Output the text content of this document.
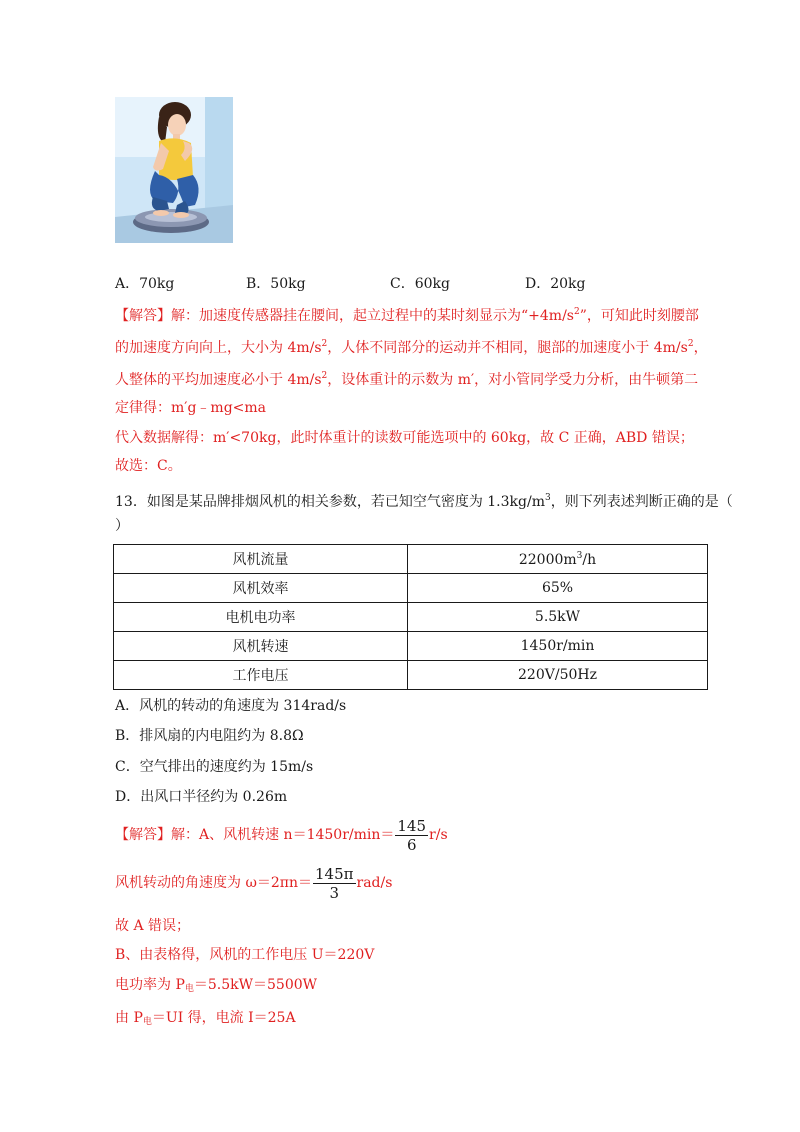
A．70kg	B．50kg	C．60kg	D．20kg
【解答】解：加速度传感器挂在腰间，起立过程中的某时刻显示为“$+4m/s^2$”，可知此时刻腰部
的加速度方向向上，大小为 $4m/s^2$，人体不同部分的运动并不相同，腿部的加速度小于 $4m/s^2$，
人整体的平均加速度必小于 $4m/s^2$，设体重计的示数为 m′，对小管同学受力分析，由牛顿第二
定律得：m′g﹣mg<ma
代入数据解得：m′<70kg，此时体重计的读数可能选项中的 60kg，故 C 正确，ABD 错误；
故选：C。
13．如图是某品牌排烟风机的相关参数，若已知空气密度为 $1.3kg/m^3$，则下列表述判断正确的是（
）
风机流量	$22000m^3/h$
风机效率	65%
电机电功率	5.5kW
风机转速	1450r/min
工作电压	220V/50Hz
A．风机的转动的角速度为 314rad/s
B．排风扇的内电阻约为 8.8Ω
C．空气排出的速度约为 15m/s
D．出风口半径约为 0.26m
【解答】解：A、风机转速 $n=1450r/\min= \frac{145}{6} r/s$
风机转动的角速度为 $\omega=2\pi n= \frac{145\pi}{3} rad/s$
故 A 错误；
B、由表格得，风机的工作电压 U＝220V
电功率为 $P_电=5.5kW=5500W$
由 $P_电=UI$ 得，电流 I＝25A
